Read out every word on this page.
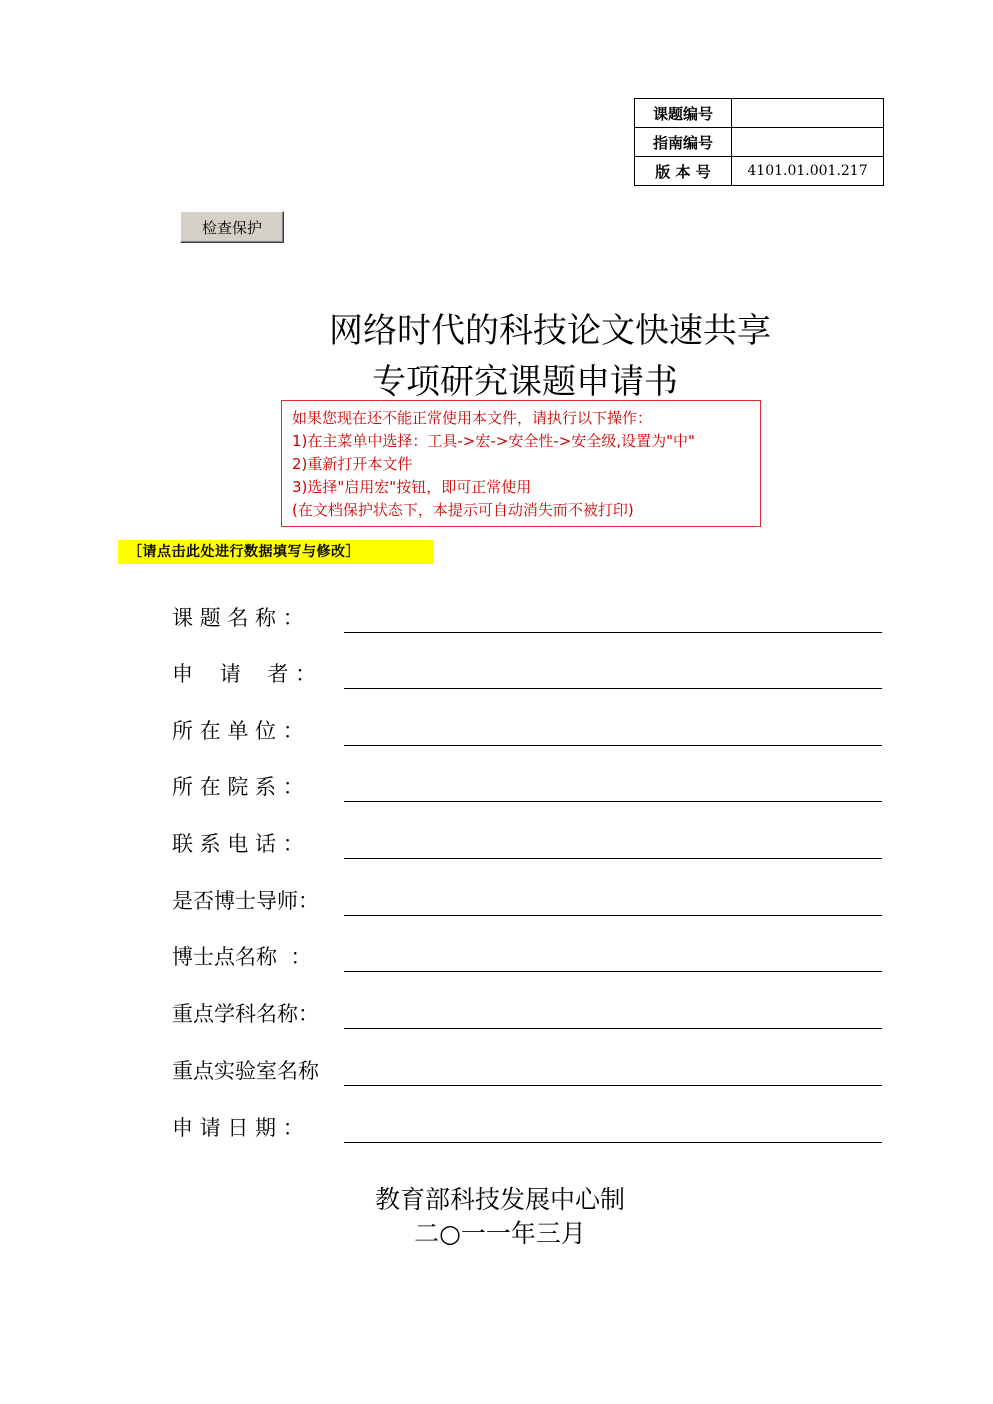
课题编号	
指南编号	
版 本 号	4101.01.001.217
检查保护
网络时代的科技论文快速共享
专项研究课题申请书
如果您现在还不能正常使用本文件，请执行以下操作：
1)在主菜单中选择：工具->宏->安全性->安全级,设置为"中"
2)重新打开本文件
3)选择"启用宏"按钮，即可正常使用
(在文档保护状态下，本提示可自动消失而不被打印)
［请点击此处进行数据填写与修改］
课 题 名 称 ：
申    请    者 ：
所 在 单 位 ：
所 在 院 系 ：
联 系 电 话 ：
是否博士导师：
博士点名称  ：
重点学科名称：
重点实验室名称
申 请 日 期 ：
教育部科技发展中心制
二○一一年三月
